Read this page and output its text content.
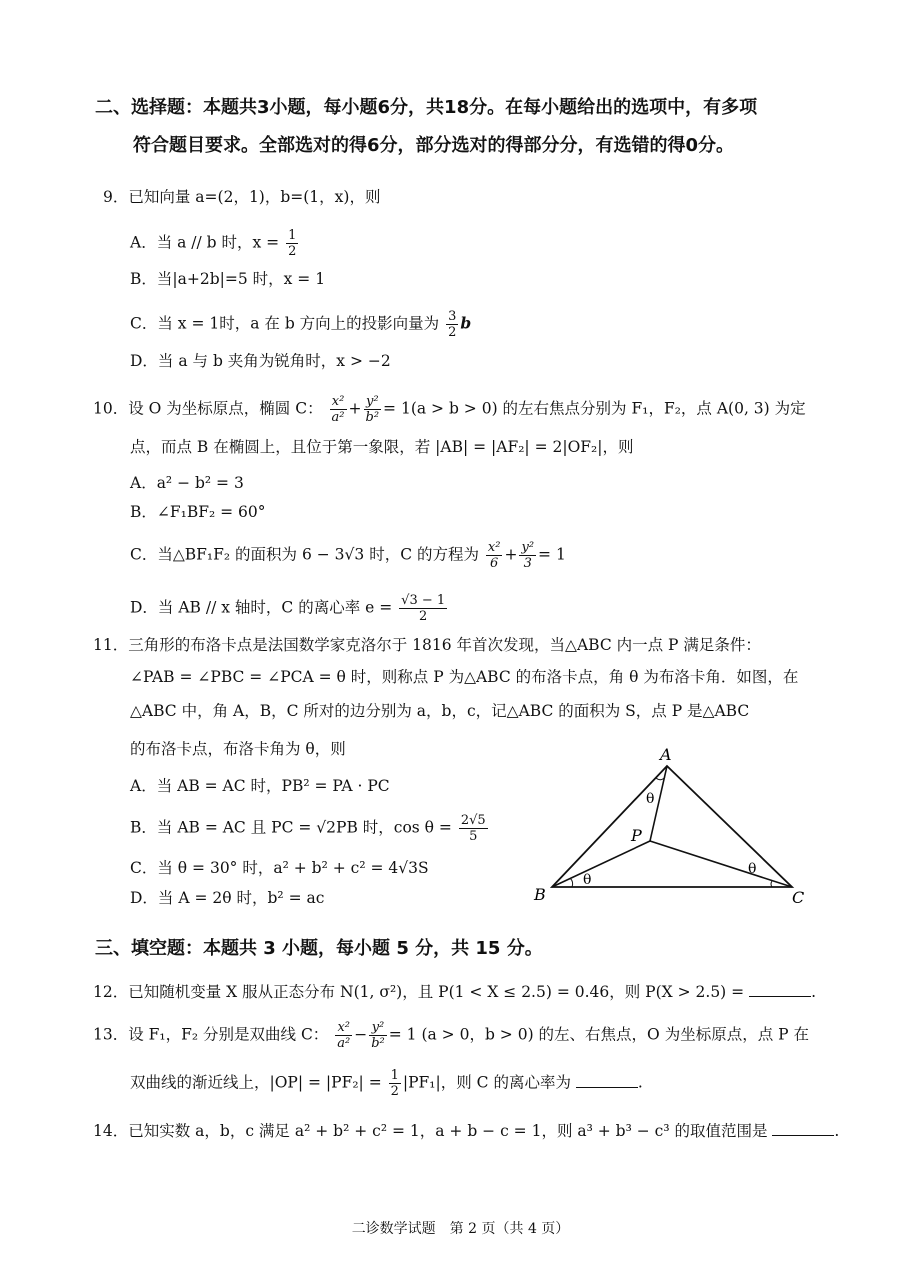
二、选择题：本题共3小题，每小题6分，共18分。在每小题给出的选项中，有多项
符合题目要求。全部选对的得6分，部分选对的得部分分，有选错的得0分。
9．已知向量 a=(2，1)，b=(1，x)，则
A．当 a // b 时，$x = \frac{1}{2}$
B．当|a+2b|=5 时，x = 1
C．当 x = 1时，a 在 b 方向上的投影向量为 $\frac{3}{2}$ b
D．当 a 与 b 夹角为锐角时，x > −2
10．设 O 为坐标原点，椭圆 C： $\frac{\text{x²}}{\text{a²}} + \frac{\text{y²}}{\text{b²}} = 1(a > b > 0)$ 的左右焦点分别为 F₁，F₂，点 A(0, 3) 为定
点，而点 B 在椭圆上，且位于第一象限，若 |AB| = |AF₂| = 2|OF₂|，则
A．a² − b² = 3
B．∠F₁BF₂ = 60°
C．当△BF₁F₂ 的面积为 6 − 3√3 时，C 的方程为 $\frac{\text{x²}}{6} + \frac{\text{y²}}{3} = 1$
D．当 AB // x 轴时，C 的离心率 $e = \frac{√3 - 1}{2}$
11．三角形的布洛卡点是法国数学家克洛尔于 1816 年首次发现，当△ABC 内一点 P 满足条件：
∠PAB = ∠PBC = ∠PCA = θ 时，则称点 P 为△ABC 的布洛卡点，角 θ 为布洛卡角．如图，在
△ABC 中，角 A，B，C 所对的边分别为 a，b，c，记△ABC 的面积为 S，点 P 是△ABC
的布洛卡点，布洛卡角为 θ，则
A．当 AB = AC 时，PB² = PA · PC
B．当 AB = AC 且 PC = √2PB 时，$\cos \theta = \frac{2√5}{5}$
C．当 θ = 30° 时，a² + b² + c² = 4√3S
D．当 A = 2θ 时，b² = ac
A
B	C
P
θ
θ
θ
三、填空题：本题共 3 小题，每小题 5 分，共 15 分。
12．已知随机变量 X 服从正态分布 N(1, σ²)，且 P(1 < X ≤ 2.5) = 0.46，则 P(X > 2.5) =	.
13．设 F₁，F₂ 分别是双曲线 C： $\frac{\text{x²}}{\text{a²}} - \frac{\text{y²}}{\text{b²}} = 1$ (a > 0，b > 0) 的左、右焦点，O 为坐标原点，点 P 在
双曲线的渐近线上，$|OP| = |PF_2| = \frac{1}{2} |PF_1|$，则 C 的离心率为	.
14．已知实数 a，b，c 满足 a² + b² + c² = 1，a + b − c = 1，则 a³ + b³ − c³ 的取值范围是	.
二诊数学试题　第 2 页（共 4 页）
